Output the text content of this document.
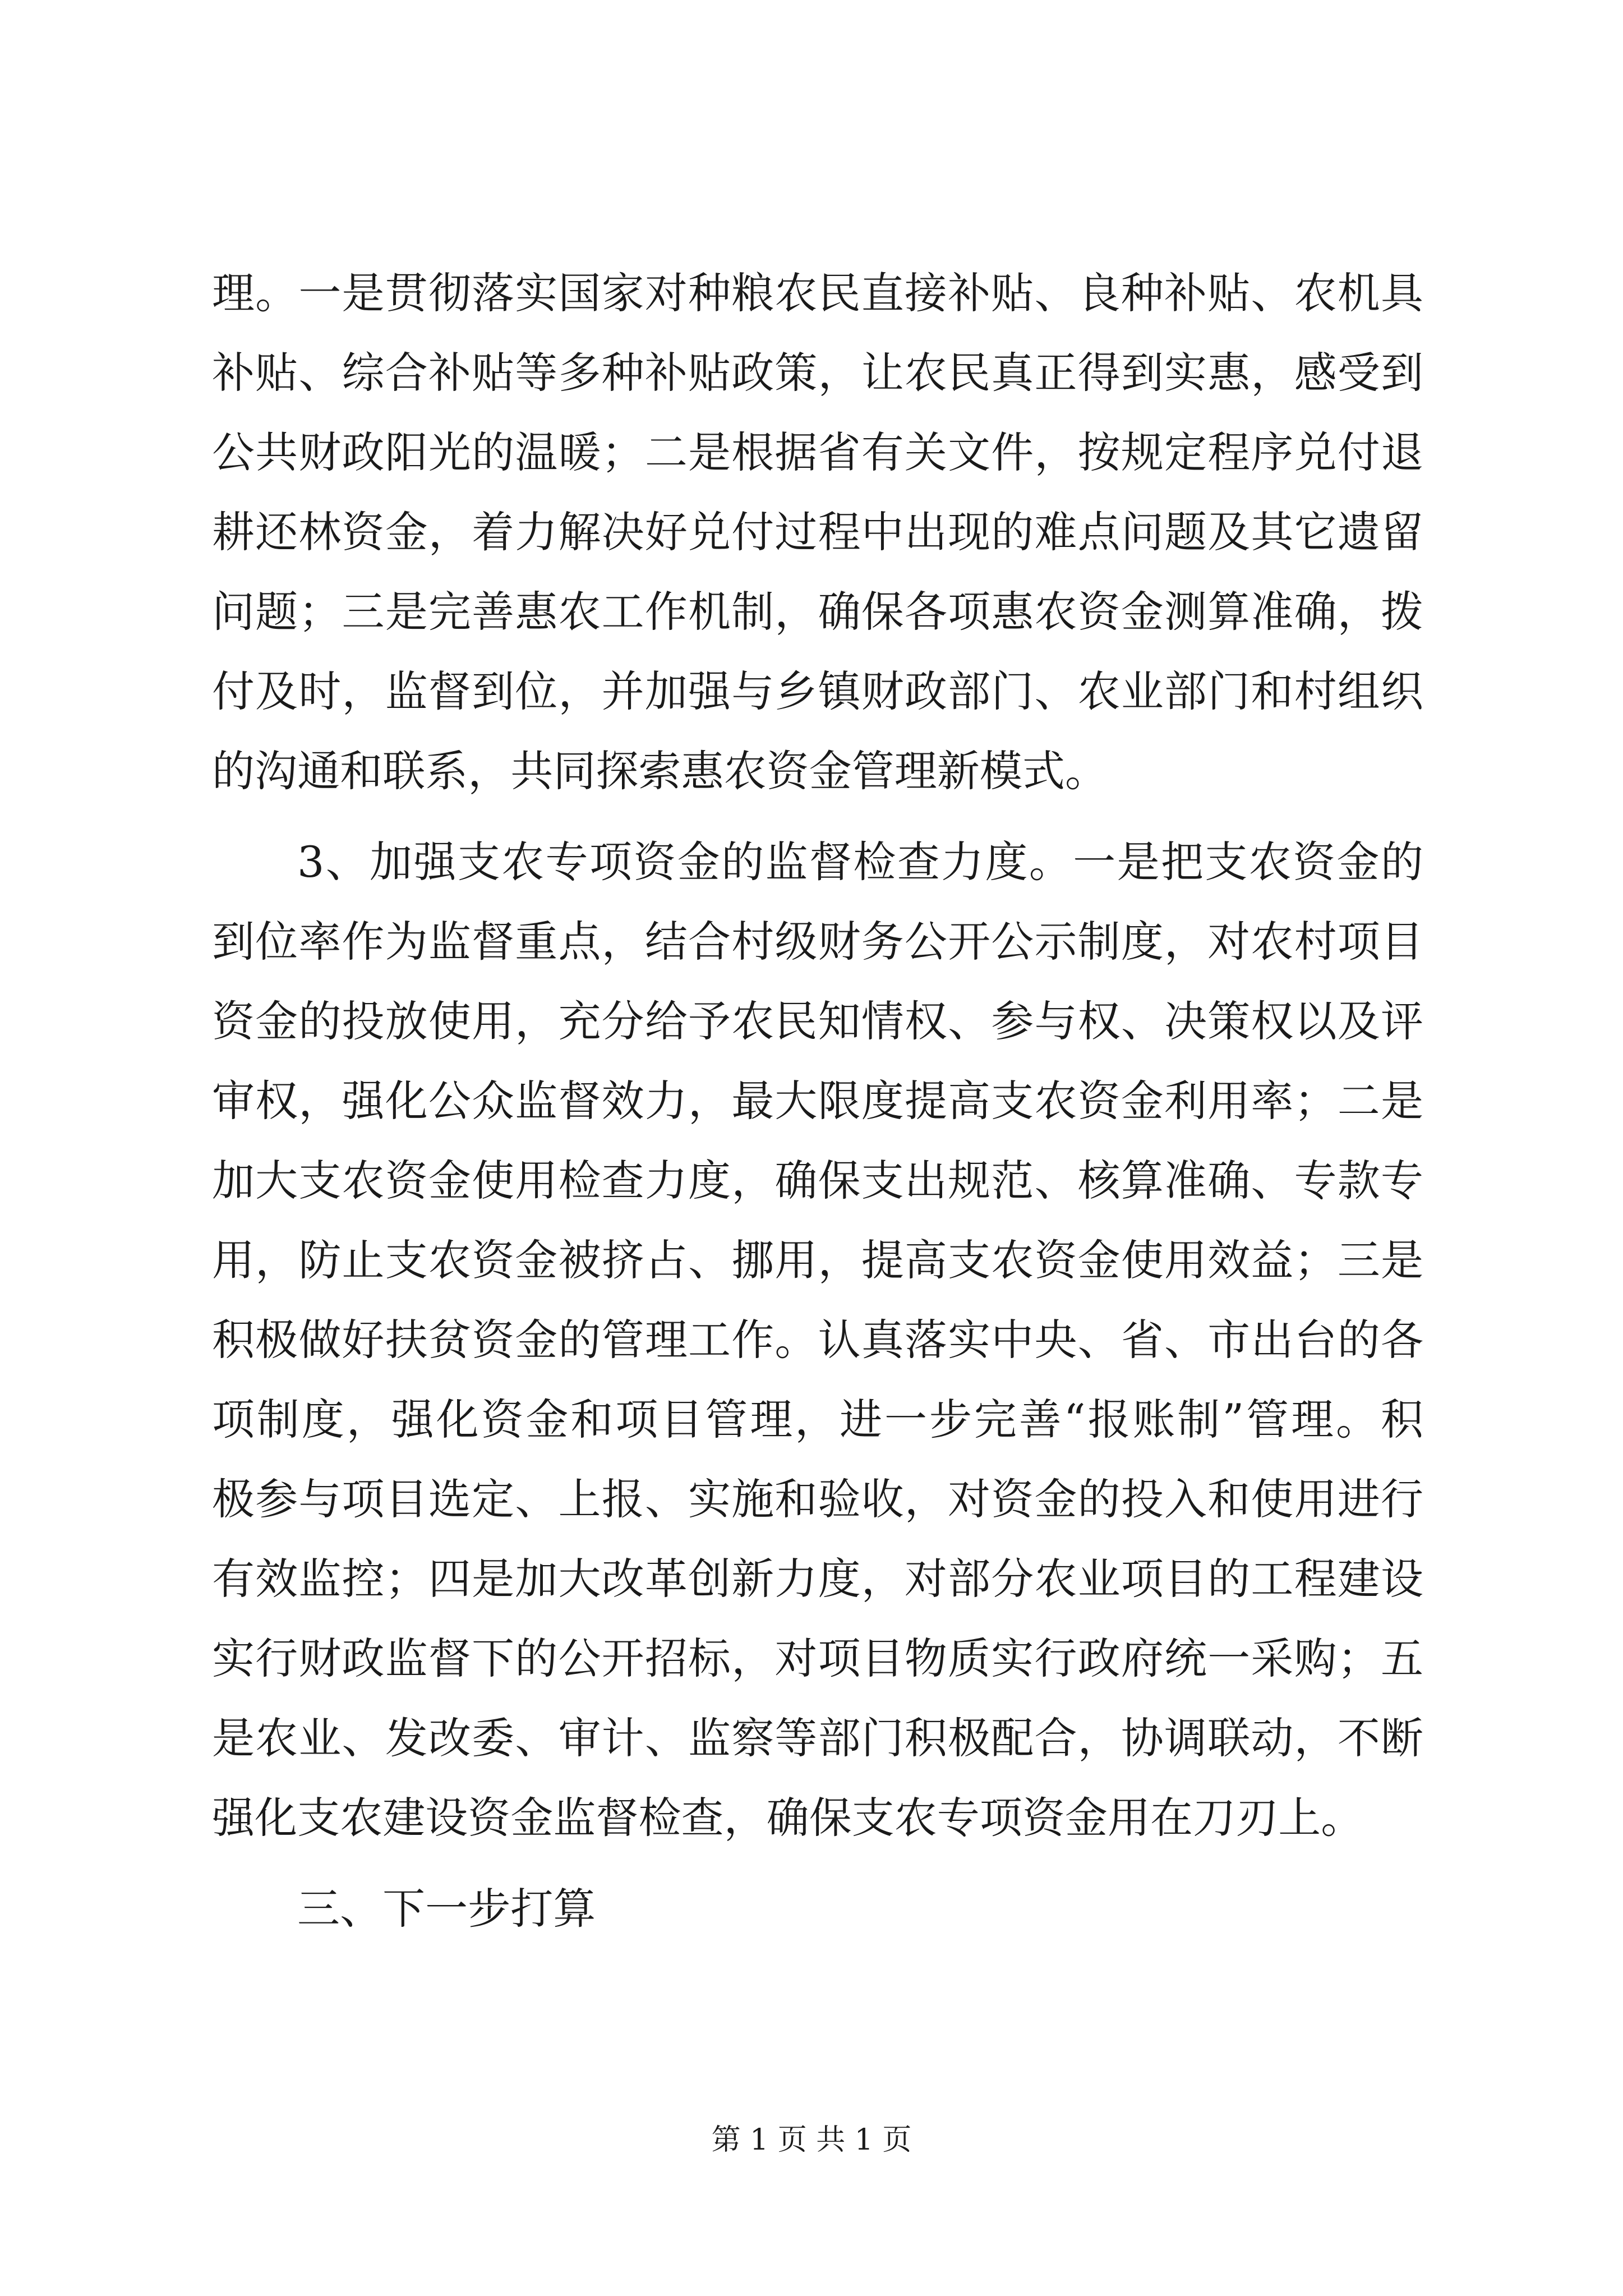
理。一是贯彻落实国家对种粮农民直接补贴、良种补贴、农机具
补贴、综合补贴等多种补贴政策，让农民真正得到实惠，感受到
公共财政阳光的温暖；二是根据省有关文件，按规定程序兑付退
耕还林资金，着力解决好兑付过程中出现的难点问题及其它遗留
问题；三是完善惠农工作机制，确保各项惠农资金测算准确，拨
付及时，监督到位，并加强与乡镇财政部门、农业部门和村组织
的沟通和联系，共同探索惠农资金管理新模式。
3、加强支农专项资金的监督检查力度。一是把支农资金的
到位率作为监督重点，结合村级财务公开公示制度，对农村项目
资金的投放使用，充分给予农民知情权、参与权、决策权以及评
审权，强化公众监督效力，最大限度提高支农资金利用率；二是
加大支农资金使用检查力度，确保支出规范、核算准确、专款专
用，防止支农资金被挤占、挪用，提高支农资金使用效益；三是
积极做好扶贫资金的管理工作。认真落实中央、省、市出台的各
项制度，强化资金和项目管理，进一步完善“报账制”管理。积
极参与项目选定、上报、实施和验收，对资金的投入和使用进行
有效监控；四是加大改革创新力度，对部分农业项目的工程建设
实行财政监督下的公开招标，对项目物质实行政府统一采购；五
是农业、发改委、审计、监察等部门积极配合，协调联动，不断
强化支农建设资金监督检查，确保支农专项资金用在刀刃上。
三、下一步打算
第 1 页 共 1 页
